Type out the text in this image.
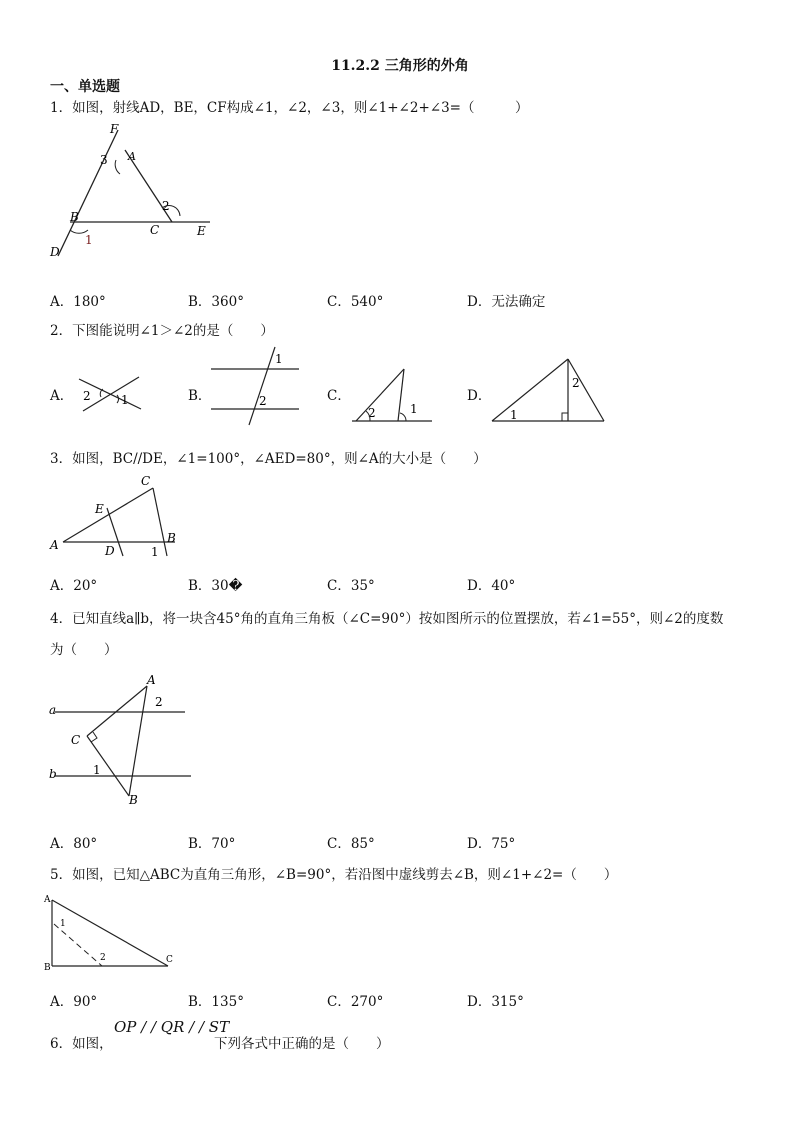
11.2.2 三角形的外角
一、单选题
1．如图，射线AD，BE，CF构成∠1，∠2，∠3，则∠1+∠2+∠3=（　　　）
F
A
3
B
C
2
E
D
1
A．180°	B．360°	C．540°	D．无法确定
2．下图能说明∠1＞∠2的是（　　）
A． 2	1	B．
1
2	C．
2	1
D．
2
1
3．如图，BC//DE，∠1=100°，∠AED=80°，则∠A的大小是（　　）
C
E
A	D	1
B
A．20°	B．30�	C．35°	D．40°
4．已知直线a∥b，将一块含45°角的直角三角板（∠C=90°）按如图所示的位置摆放，若∠1=55°，则∠2的度数
为（　　）
A
2
a
C
b	1
B
A．80°	B．70°	C．85°	D．75°
5．如图，已知△ABC为直角三角形，∠B=90°，若沿图中虚线剪去∠B，则∠1+∠2=（　　）
A
1
B
2	C
A．90°	B．135°	C．270°	D．315°
6．如图，
OP / / QR / / ST
下列各式中正确的是（　　）
